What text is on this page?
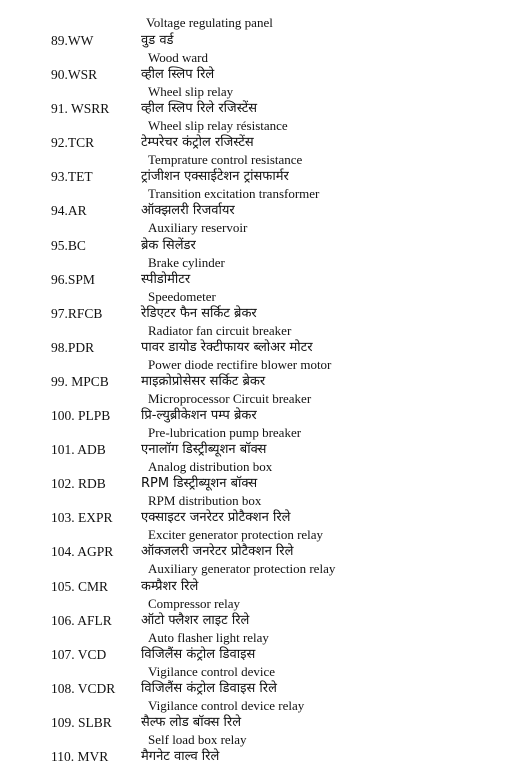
Voltage regulating panel
89.WW	वुड वर्ड
Wood ward
90.WSR	व्हील स्लिप रिले
Wheel slip relay
91. WSRR व्हील स्लिप रिले रजिस्टेंस
Wheel slip relay résistance
92.TCR	टेम्परेचर कंट्रोल रजिस्टेंस
Temprature control resistance
93.TET	ट्रांजीशन एक्साईटेशन ट्रांसफार्मर
Transition excitation transformer
94.AR	ऑक्झलरी रिजर्वायर
Auxiliary reservoir
95.BC	ब्रेक सिलेंडर
Brake cylinder
96.SPM	स्पीडोमीटर
Speedometer
97.RFCB	रेडिएटर फैन सर्किट ब्रेकर
Radiator fan circuit breaker
98.PDR	पावर डायोड रेक्टीफायर ब्लोअर मोटर
Power diode rectifire blower motor
99. MPCB माइक्रोप्रोसेसर सर्किट ब्रेकर
Microprocessor Circuit breaker
100. PLPB प्रि-ल्युब्रीकेशन पम्प ब्रेकर
Pre-lubrication pump breaker
101. ADB	एनालॉग डिस्ट्रीब्यूशन बॉक्स
Analog distribution box
102. RDB	RPM डिस्ट्रीब्यूशन बॉक्स
RPM distribution box
103. EXPR एक्साइटर जनरेटर प्रोटैक्शन रिले
Exciter generator protection relay
104. AGPR ऑक्जलरी जनरेटर प्रोटैक्शन रिले
Auxiliary generator protection relay
105. CMR	कम्प्रैशर रिले
Compressor relay
106. AFLR ऑटो फ्लैशर लाइट रिले
Auto flasher light relay
107. VCD	विजिलैंस कंट्रोल डिवाइस
Vigilance control device
108. VCDR विजिलैंस कंट्रोल डिवाइस रिले
Vigilance control device relay
109. SLBR सैल्फ लोड बॉक्स रिले
Self load box relay
110. MVR	मैगनेट वाल्व रिले
